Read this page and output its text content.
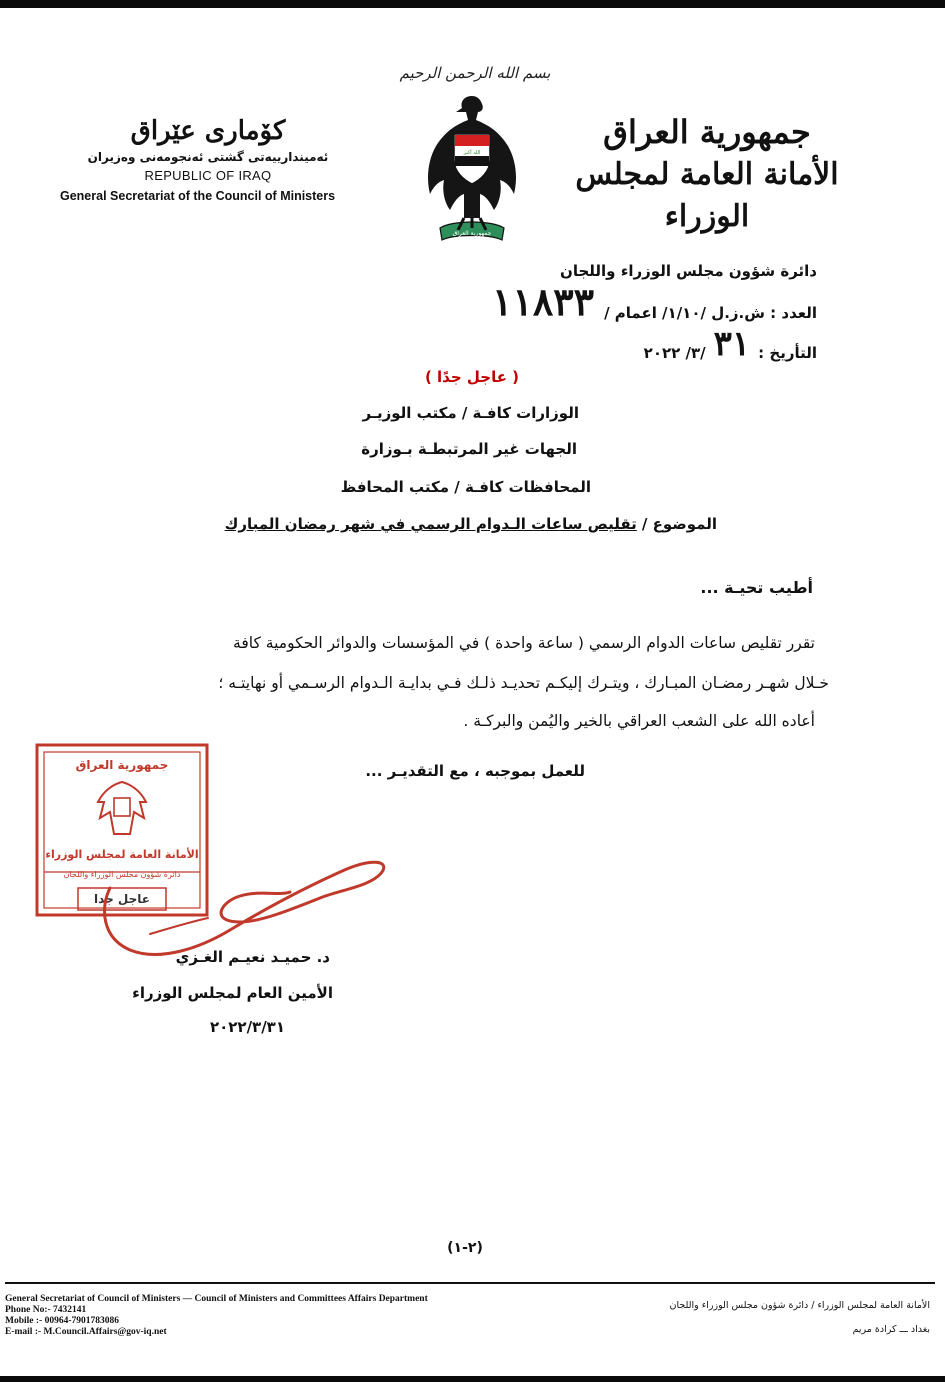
بسم الله الرحمن الرحيم
جمهورية العراق
الأمانة العامة لمجلس الوزراء
كۆماری عێراق
ئەمیندارییەتی گشتی ئەنجومەنی وەزیران
REPUBLIC OF IRAQ
General Secretariat of the Council of Ministers
الله أكبر
جمهورية العراق
دائرة شؤون مجلس الوزراء واللجان
العدد : ش.ز.ل /١/١٠/ اعمام /
١١٨٣٣
التأريخ :
٣١
/٣/ ٢٠٢٢
( عاجل جدًا )
الوزارات كافـة / مكتب الوزيـر
الجهات غير المرتبطـة بـوزارة
المحافظات كافـة / مكتب المحافظ
الموضوع / تقليص ساعات الـدوام الرسمي في شهر رمضان المبارك
أطيب تحيـة ...
تقرر تقليص ساعات الدوام الرسمي ( ساعة واحدة ) في المؤسسات والدوائر الحكومية كافة
خـلال شهـر رمضـان المبـارك ، ويتـرك إليكـم تحديـد ذلـك فـي بدايـة الـدوام الرسـمي أو نهايتـه ؛
أعاده الله على الشعب العراقي بالخير واليُمن والبركـة .
للعمل بموجبه ، مع التقديـر ...
جمهورية العراق
الأمانة العامة لمجلس الوزراء
دائرة شؤون مجلس الوزراء واللجان
عاجل جدا
د. حميـد نعيـم الغـزي
الأمين العام لمجلس الوزراء
٢٠٢٢/٣/٣١
(٢-١)
General Secretariat of Council of Ministers — Council of Ministers and Committees Affairs Department
Phone No:- 7432141
Mobile :- 00964-7901783086
E-mail :- M.Council.Affairs@gov-iq.net
الأمانة العامة لمجلس الوزراء / دائرة شؤون مجلس الوزراء واللجان
بغداد ـــ كرادة مريم
